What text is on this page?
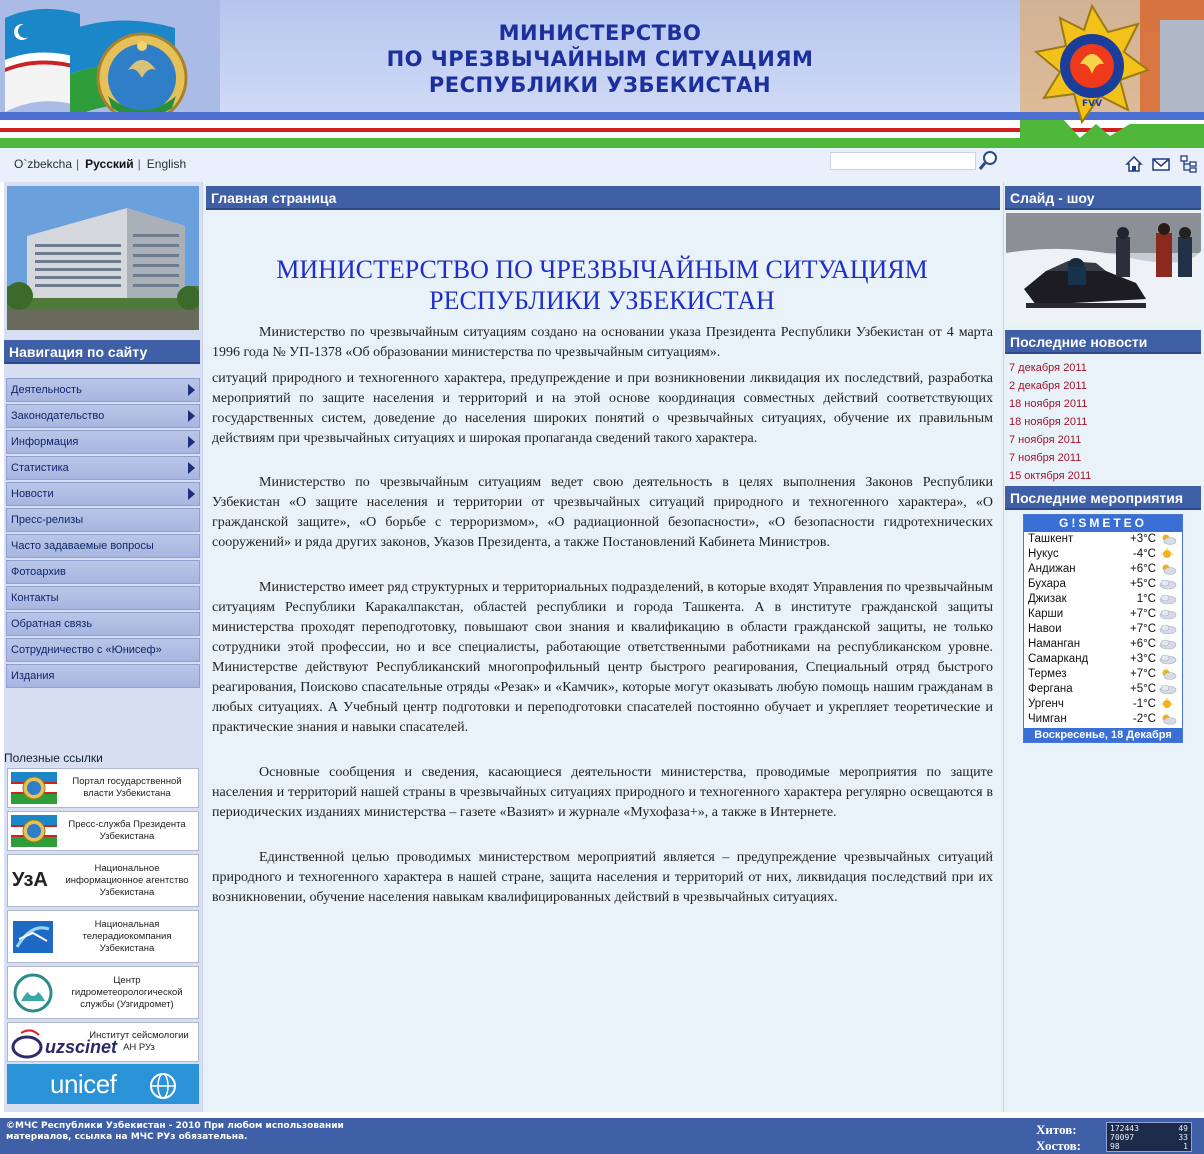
МИНИСТЕРСТВО
ПО ЧРЕЗВЫЧАЙНЫМ СИТУАЦИЯМ
РЕСПУБЛИКИ УЗБЕКИСТАН
FVV
O`zbekcha | Русский | English
Навигация по сайту
Деятельность
Законодательство
Информация
Статистика
Новости
Пресс-релизы
Часто задаваемые вопросы
Фотоархив
Контакты
Обратная связь
Сотрудничество с «Юнисеф»
Издания
Полезные ссылки
Портал государственной власти Узбекистана
Пресс-служба Президента Узбекистана
УзА
Национальное информационное агентство Узбекистана
Национальная телерадиокомпания Узбекистана
Центр гидрометеорологической службы (Узгидромет)
uzscinet
Институт сейсмологии АН РУз
unicef
Главная страница
МИНИСТЕРСТВО ПО ЧРЕЗВЫЧАЙНЫМ СИТУАЦИЯМ
РЕСПУБЛИКИ УЗБЕКИСТАН
Министерство по чрезвычайным ситуациям создано на основании указа Президента Республики Узбекистан от 4 марта 1996 года № УП-1378 «Об образовании министерства по чрезвычайным ситуациям».
ситуаций природного и техногенного характера, предупреждение и при возникновении ликвидация их последствий, разработка мероприятий по защите населения и территорий и на этой основе координация совместных действий соответствующих государственных систем, доведение до населения широких понятий о чрезвычайных ситуациях, обучение их правильным действиям при чрезвычайных ситуациях и широкая пропаганда сведений такого характера.
Министерство по чрезвычайным ситуациям ведет свою деятельность в целях выполнения Законов Республики Узбекистан «О защите населения и территории от чрезвычайных ситуаций природного и техногенного характера», «О гражданской защите», «О борьбе с терроризмом», «О радиационной безопасности», «О безопасности гидротехнических сооружений» и ряда других законов, Указов Президента, а также Постановлений Кабинета Министров.
Министерство имеет ряд структурных и территориальных подразделений, в которые входят Управления по чрезвычайным ситуациям Республики Каракалпакстан, областей республики и города Ташкента. А в институте гражданской защиты министерства проходят переподготовку, повышают свои знания и квалификацию в области гражданской защиты, не только сотрудники этой профессии, но и все специалисты, работающие ответственными работниками на республиканском уровне. Министерстве действуют Республиканский многопрофильный центр быстрого реагирования, Специальный отряд быстрого реагирования, Поисково спасательные отряды «Резак» и «Камчик», которые могут оказывать любую помощь нашим гражданам в любых ситуациях. А Учебный центр подготовки и переподготовки спасателей постоянно обучает и укрепляет теоретические и практические знания и навыки спасателей.
Основные сообщения и сведения, касающиеся деятельности министерства, проводимые мероприятия по защите населения и территорий нашей страны в чрезвычайных ситуациях природного и техногенного характера регулярно освещаются в периодических изданиях министерства – газете «Вазият» и журнале «Мухофаза+», а также в Интернете.
Единственной целью проводимых министерством мероприятий является – предупреждение чрезвычайных ситуаций природного и техногенного характера в нашей стране, защита населения и территорий от них, ликвидация последствий при их возникновении, обучение населения навыкам квалифицированных действий в чрезвычайных ситуациях.
Слайд - шоу
Последние новости
7 декабря 2011
2 декабря 2011
18 ноября 2011
18 ноября 2011
7 ноября 2011
7 ноября 2011
15 октября 2011
Последние мероприятия
G!SMETEO
Ташкент	+3°C
Нукус	-4°C
Андижан	+6°C
Бухара	+5°C
Джизак	1°C
Карши	+7°C
Навои	+7°C
Наманган	+6°C
Самарканд	+3°C
Термез	+7°C
Фергана	+5°C
Ургенч	-1°C
Чимган	-2°C
Воскресенье, 18 Декабря
©МЧС Республики Узбекистан - 2010 При любом использовании материалов, ссылка на МЧС РУз обязательна.	Хитов:
Хостов:
172443	49
70097	33
98	1
